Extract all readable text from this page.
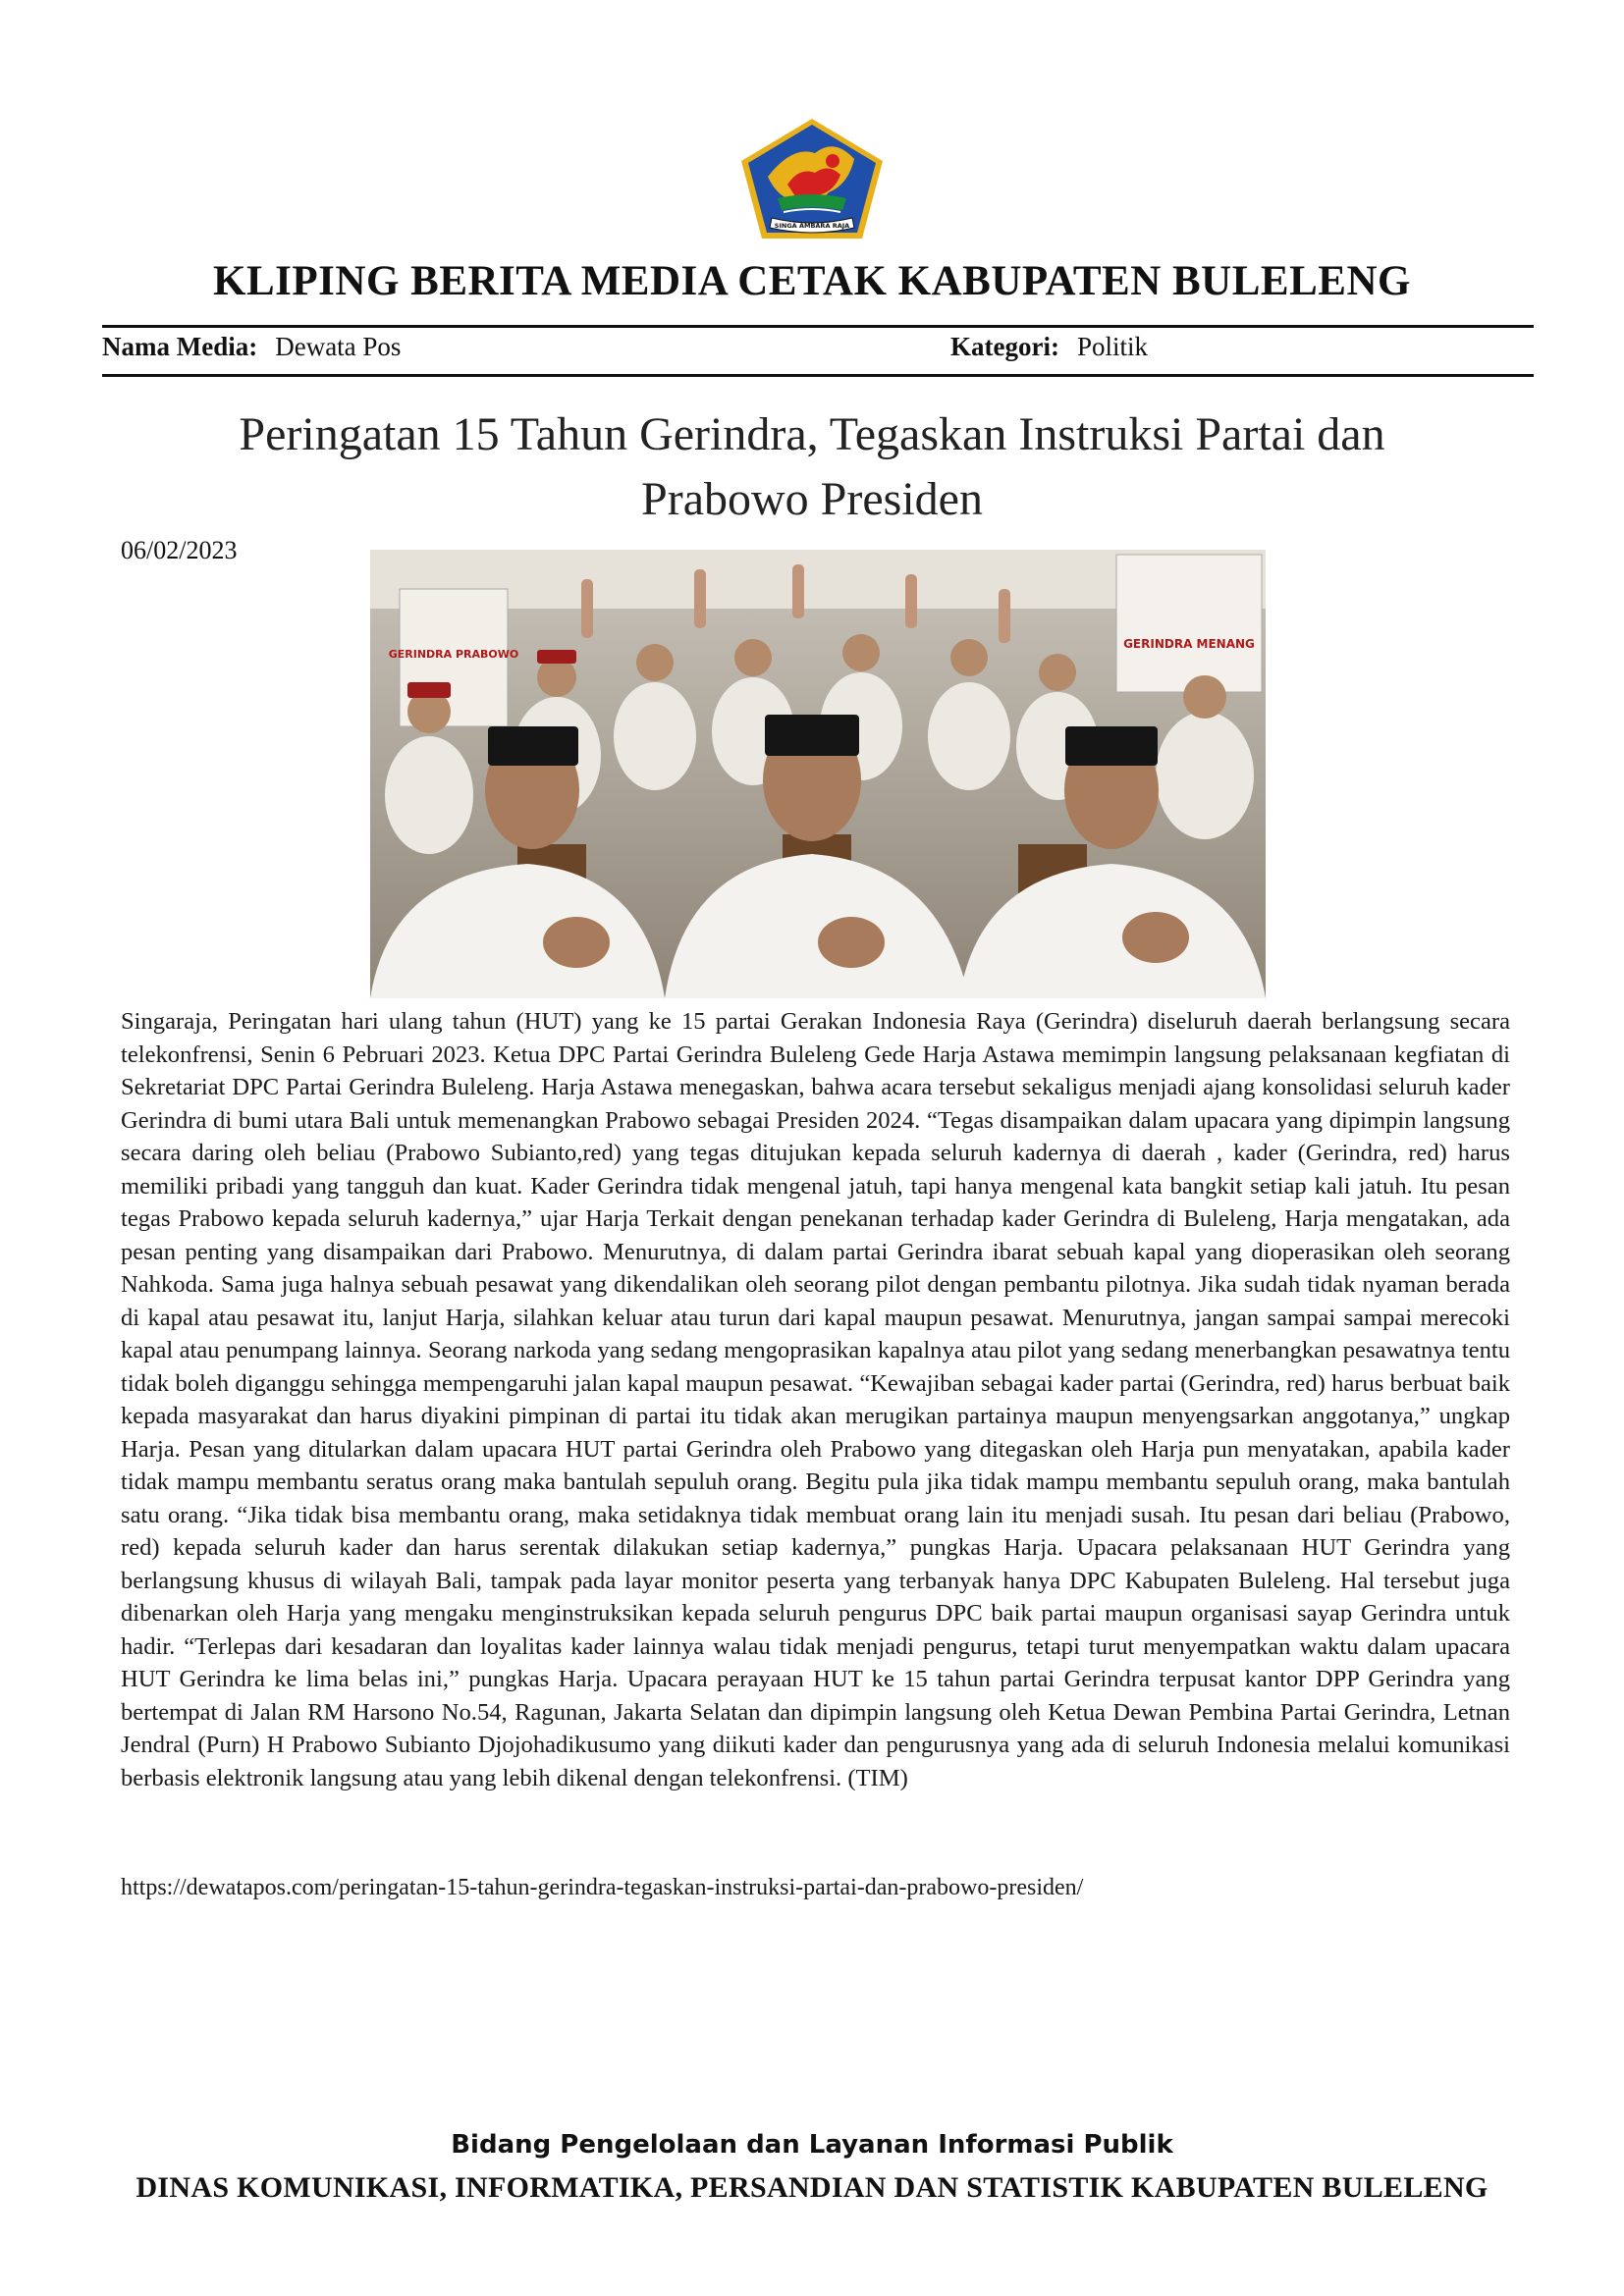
SINGA AMBARA RAJA
KLIPING BERITA MEDIA CETAK KABUPATEN BULELENG
Nama Media: Dewata Pos	Kategori: Politik
Peringatan 15 Tahun Gerindra, Tegaskan Instruksi Partai dan
Prabowo Presiden
06/02/2023
GERINDRA PRABOWO
GERINDRA MENANG
Singaraja, Peringatan hari ulang tahun (HUT) yang ke 15 partai Gerakan Indonesia Raya (Gerindra) diseluruh daerah berlangsung secara telekonfrensi, Senin 6 Pebruari 2023. Ketua DPC Partai Gerindra Buleleng Gede Harja Astawa memimpin langsung pelaksanaan kegfiatan di Sekretariat DPC Partai Gerindra Buleleng. Harja Astawa menegaskan, bahwa acara tersebut sekaligus menjadi ajang konsolidasi seluruh kader Gerindra di bumi utara Bali untuk memenangkan Prabowo sebagai Presiden 2024. “Tegas disampaikan dalam upacara yang dipimpin langsung secara daring oleh beliau (Prabowo Subianto,red) yang tegas ditujukan kepada seluruh kadernya di daerah , kader (Gerindra, red) harus memiliki pribadi yang tangguh dan kuat. Kader Gerindra tidak mengenal jatuh, tapi hanya mengenal kata bangkit setiap kali jatuh. Itu pesan tegas Prabowo kepada seluruh kadernya,” ujar Harja Terkait dengan penekanan terhadap kader Gerindra di Buleleng, Harja mengatakan, ada pesan penting yang disampaikan dari Prabowo. Menurutnya, di dalam partai Gerindra ibarat sebuah kapal yang dioperasikan oleh seorang Nahkoda. Sama juga halnya sebuah pesawat yang dikendalikan oleh seorang pilot dengan pembantu pilotnya. Jika sudah tidak nyaman berada di kapal atau pesawat itu, lanjut Harja, silahkan keluar atau turun dari kapal maupun pesawat. Menurutnya, jangan sampai sampai merecoki kapal atau penumpang lainnya. Seorang narkoda yang sedang mengoprasikan kapalnya atau pilot yang sedang menerbangkan pesawatnya tentu tidak boleh diganggu sehingga mempengaruhi jalan kapal maupun pesawat. “Kewajiban sebagai kader partai (Gerindra, red) harus berbuat baik kepada masyarakat dan harus diyakini pimpinan di partai itu tidak akan merugikan partainya maupun menyengsarkan anggotanya,” ungkap Harja. Pesan yang ditularkan dalam upacara HUT partai Gerindra oleh Prabowo yang ditegaskan oleh Harja pun menyatakan, apabila kader tidak mampu membantu seratus orang maka bantulah sepuluh orang. Begitu pula jika tidak mampu membantu sepuluh orang, maka bantulah satu orang. “Jika tidak bisa membantu orang, maka setidaknya tidak membuat orang lain itu menjadi susah. Itu pesan dari beliau (Prabowo, red) kepada seluruh kader dan harus serentak dilakukan setiap kadernya,” pungkas Harja. Upacara pelaksanaan HUT Gerindra yang berlangsung khusus di wilayah Bali, tampak pada layar monitor peserta yang terbanyak hanya DPC Kabupaten Buleleng. Hal tersebut juga dibenarkan oleh Harja yang mengaku menginstruksikan kepada seluruh pengurus DPC baik partai maupun organisasi sayap Gerindra untuk hadir. “Terlepas dari kesadaran dan loyalitas kader lainnya walau tidak menjadi pengurus, tetapi turut menyempatkan waktu dalam upacara HUT Gerindra ke lima belas ini,” pungkas Harja. Upacara perayaan HUT ke 15 tahun partai Gerindra terpusat kantor DPP Gerindra yang bertempat di Jalan RM Harsono No.54, Ragunan, Jakarta Selatan dan dipimpin langsung oleh Ketua Dewan Pembina Partai Gerindra, Letnan Jendral (Purn) H Prabowo Subianto Djojohadikusumo yang diikuti kader dan pengurusnya yang ada di seluruh Indonesia melalui komunikasi berbasis elektronik langsung atau yang lebih dikenal dengan telekonfrensi. (TIM)
https://dewatapos.com/peringatan-15-tahun-gerindra-tegaskan-instruksi-partai-dan-prabowo-presiden/
Bidang Pengelolaan dan Layanan Informasi Publik
DINAS KOMUNIKASI, INFORMATIKA, PERSANDIAN DAN STATISTIK KABUPATEN BULELENG
